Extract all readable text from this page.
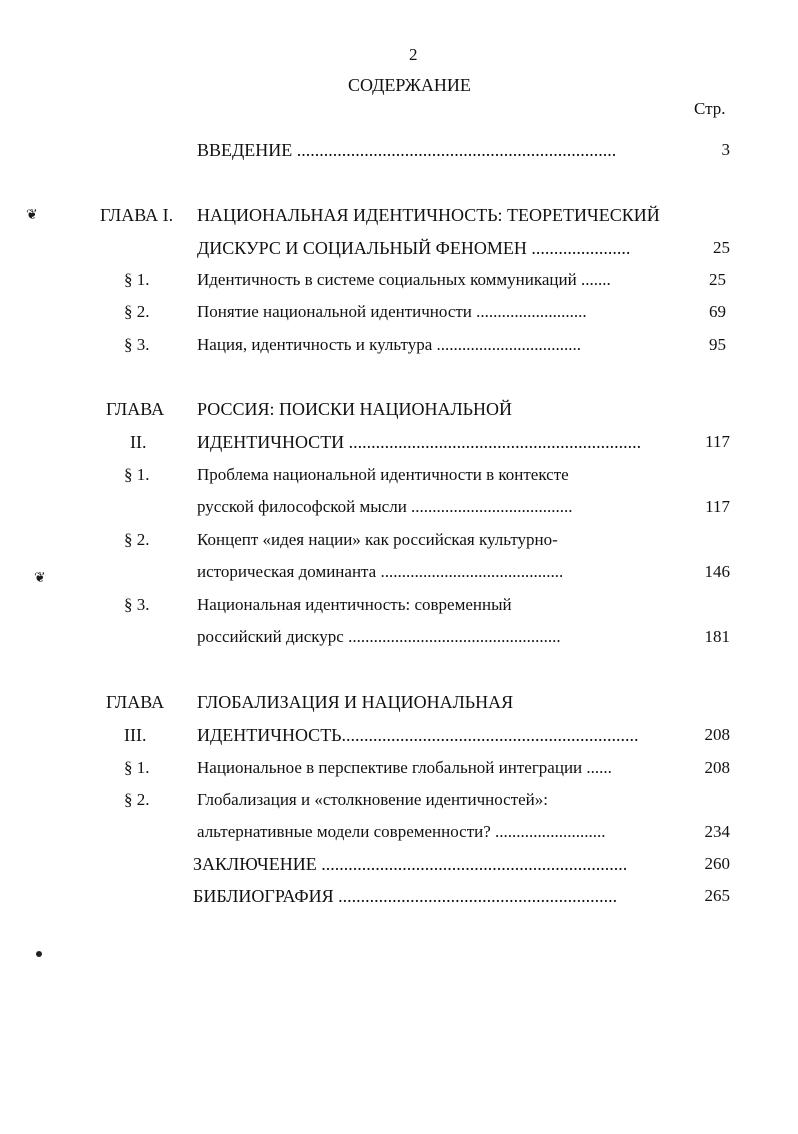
❦
❦
2
СОДЕРЖАНИЕ
Стр.
ВВЕДЕНИЕ .......................................................................	3
ГЛАВА I. НАЦИОНАЛЬНАЯ ИДЕНТИЧНОСТЬ: ТЕОРЕТИЧЕСКИЙ
ДИСКУРС И СОЦИАЛЬНЫЙ ФЕНОМЕН ......................	25
§ 1.	Идентичность в системе социальных коммуникаций .......	25
§ 2.	Понятие национальной идентичности ..........................	69
§ 3.	Нация, идентичность и культура ..................................	95
ГЛАВА
II.
РОССИЯ: ПОИСКИ НАЦИОНАЛЬНОЙ
ИДЕНТИЧНОСТИ .................................................................	117
§ 1.	Проблема национальной идентичности в контексте
русской философской мысли ......................................	117
§ 2.	Концепт «идея нации» как российская культурно-
историческая доминанта ...........................................	146
§ 3.	Национальная идентичность: современный
российский дискурс ..................................................	181
ГЛАВА
III.
ГЛОБАЛИЗАЦИЯ И НАЦИОНАЛЬНАЯ
ИДЕНТИЧНОСТЬ..................................................................	208
§ 1.	Национальное в перспективе глобальной интеграции ......	208
§ 2.	Глобализация и «столкновение идентичностей»:
альтернативные модели современности? ..........................	234
ЗАКЛЮЧЕНИЕ ....................................................................	260
БИБЛИОГРАФИЯ ..............................................................	265
